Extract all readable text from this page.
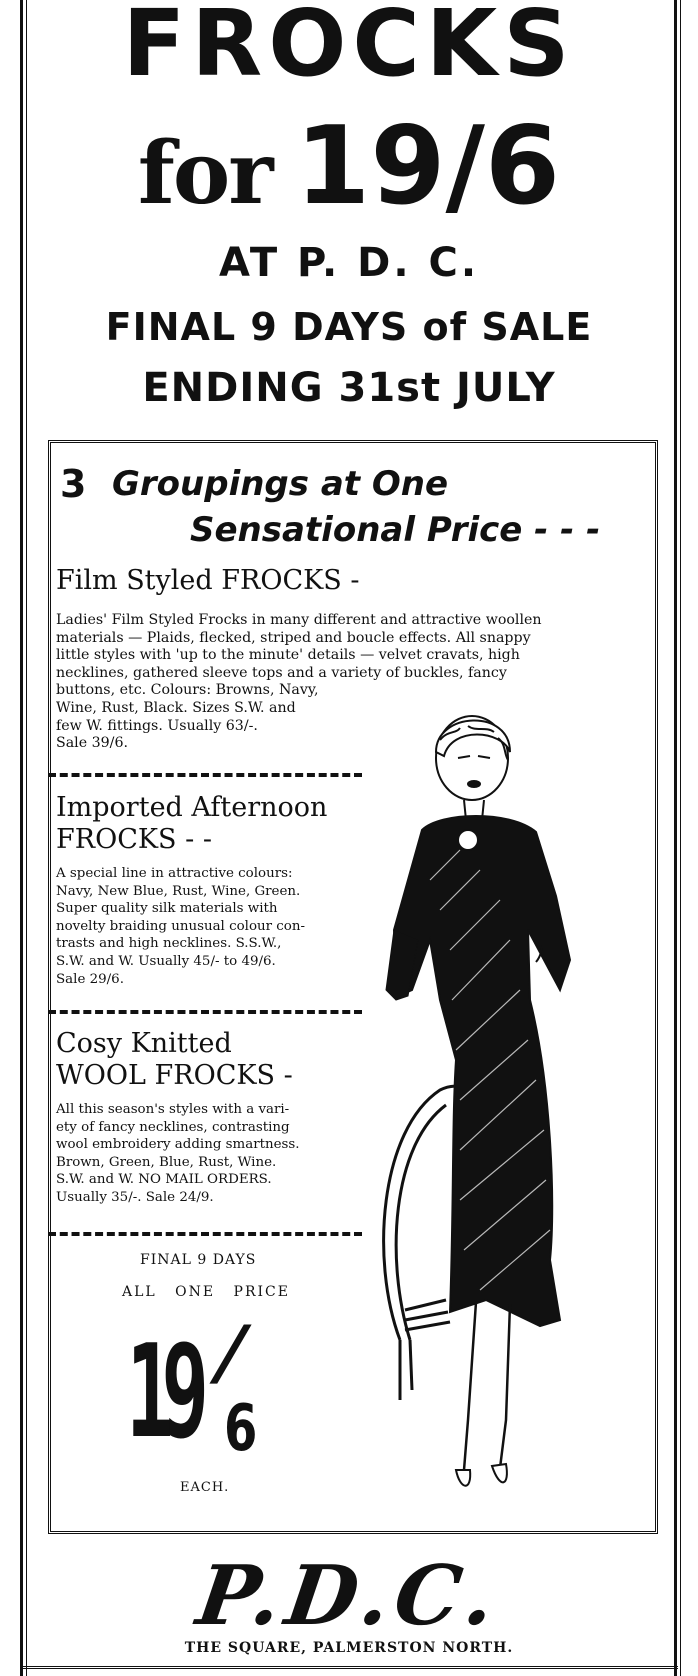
FROCKS
for 19/6
AT P. D. C.
FINAL 9 DAYS of SALE
ENDING 31st JULY
3 Groupings at One
Sensational Price - - -
Film Styled FROCKS -
Ladies' Film Styled Frocks in many different and attractive woollen
materials — Plaids, flecked, striped and boucle effects. All snappy
little styles with 'up to the minute' details — velvet cravats, high
necklines, gathered sleeve tops and a variety of buckles, fancy
buttons, etc. Colours: Browns, Navy,
Wine, Rust, Black. Sizes S.W. and
few W. fittings. Usually 63/-.
Sale 39/6.
Imported Afternoon
FROCKS - -
A special line in attractive colours:
Navy, New Blue, Rust, Wine, Green.
Super quality silk materials with
novelty braiding unusual colour con-
trasts and high necklines. S.S.W.,
S.W. and W. Usually 45/- to 49/6.
Sale 29/6.
Cosy Knitted
WOOL FROCKS -
All this season's styles with a vari-
ety of fancy necklines, contrasting
wool embroidery adding smartness.
Brown, Green, Blue, Rust, Wine.
S.W. and W. NO MAIL ORDERS.
Usually 35/-. Sale 24/9.
FINAL 9 DAYS
ALL ONE PRICE
19 /
6
EACH.
P.D.C.
THE SQUARE, PALMERSTON NORTH.
